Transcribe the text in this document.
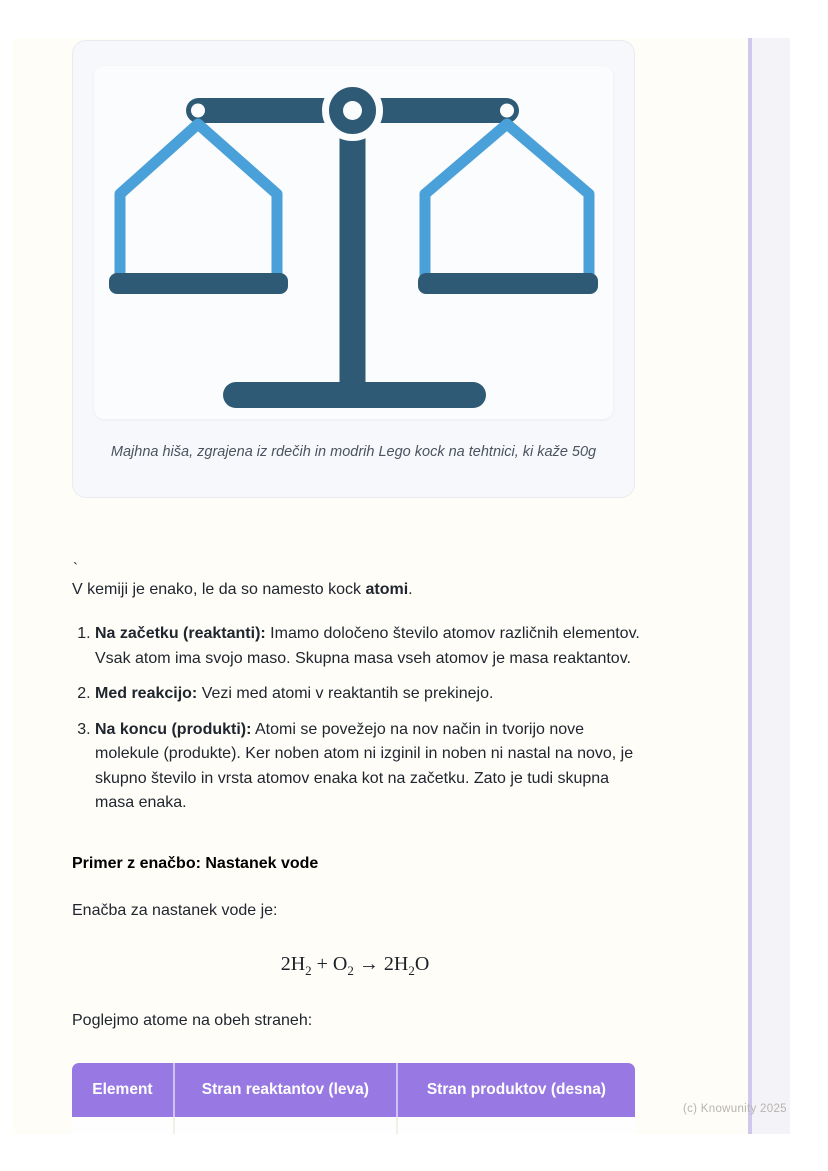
Majhna hiša, zgrajena iz rdečih in modrih Lego kock na tehtnici, ki kaže 50g
`

V kemiji je enako, le da so namesto kock atomi.

1. Na začetku (reaktanti): Imamo določeno število atomov različnih elementov. Vsak atom ima svojo maso. Skupna masa vseh atomov je masa reaktantov.
2. Med reakcijo: Vezi med atomi v reaktantih se prekinejo.
3. Na koncu (produkti): Atomi se povežejo na nov način in tvorijo nove molekule (produkte). Ker noben atom ni izginil in noben ni nastal na novo, je skupno število in vrsta atomov enaka kot na začetku. Zato je tudi skupna masa enaka.
Primer z enačbo: Nastanek vode

Enačba za nastanek vode je:

$2H_2 + O_2 \to 2H_2O$

Poglejmo atome na obeh straneh:

Element	Stran reaktantov (leva)	Stran produktov (desna)

(c) Knowunity 2025
